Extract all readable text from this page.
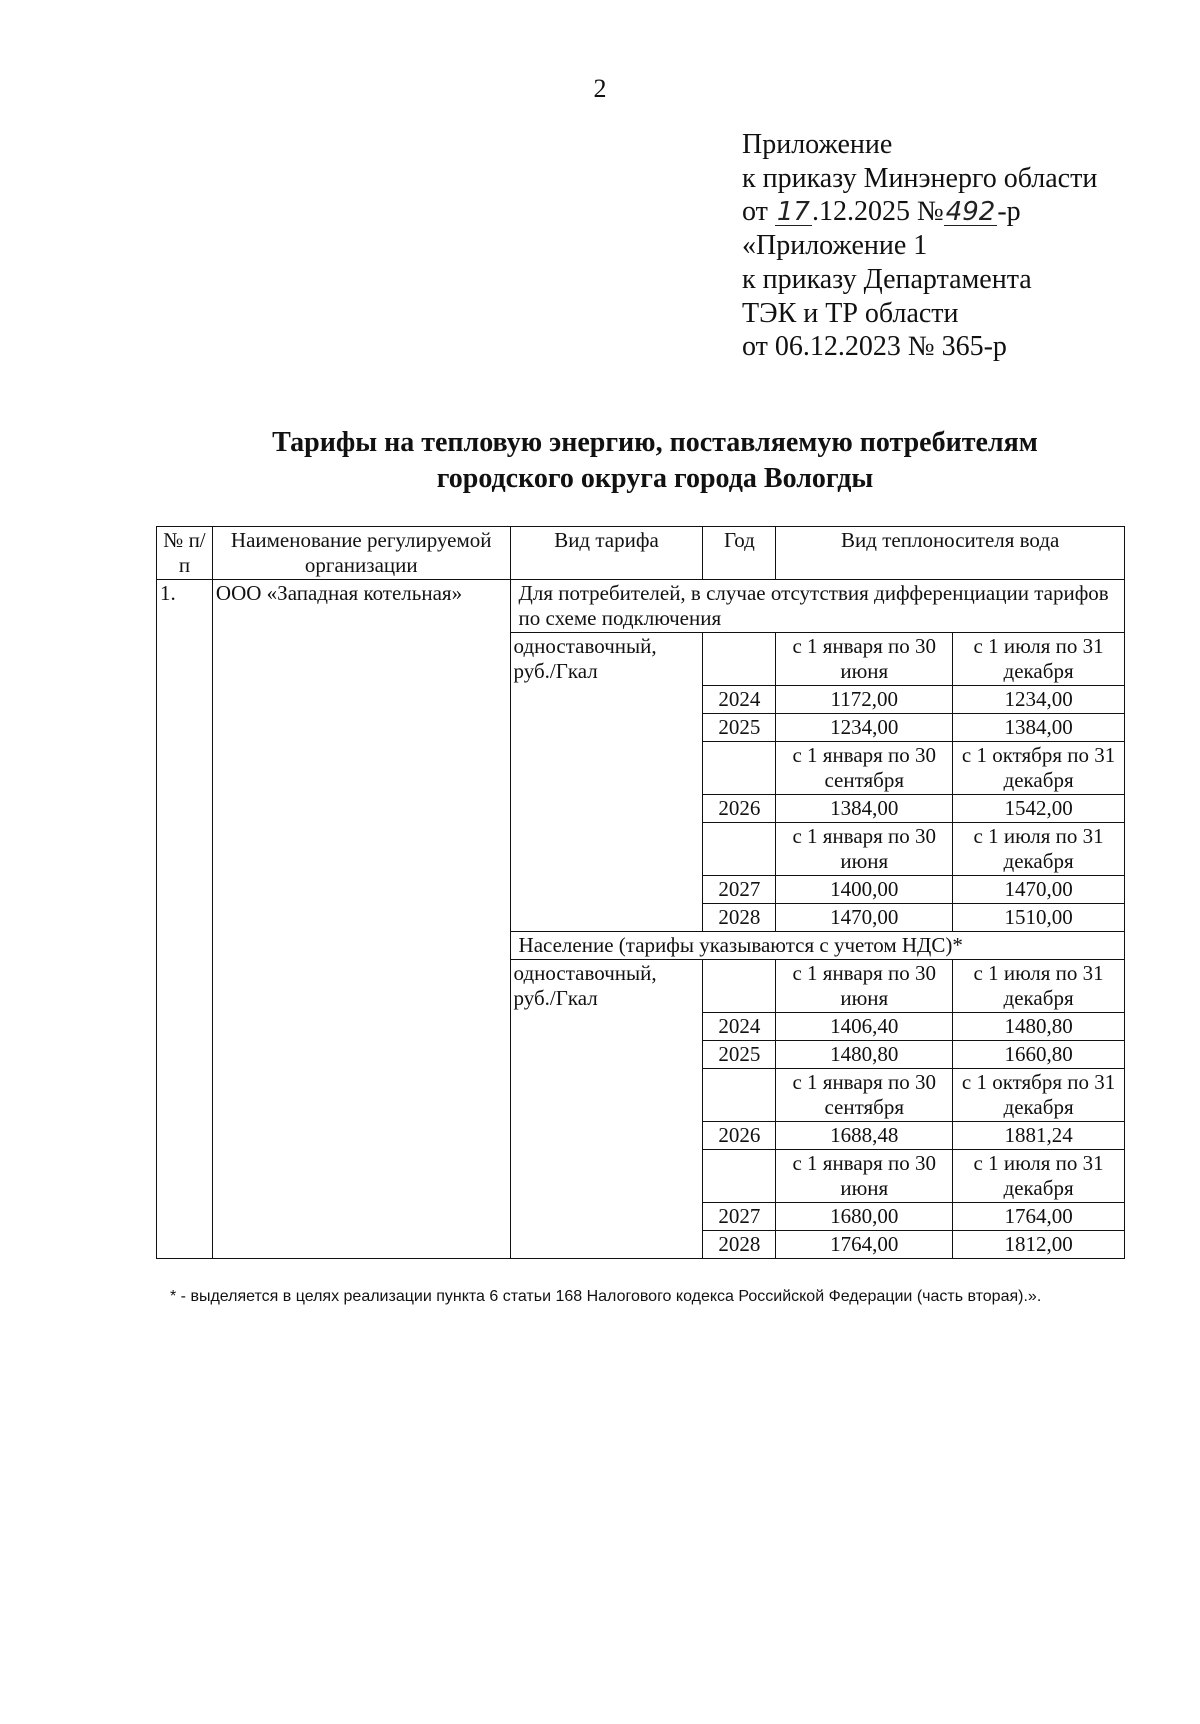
2
Приложение
к приказу Минэнерго области
от 17.12.2025 №492-р
«Приложение 1
к приказу Департамента
ТЭК и ТР области
от 06.12.2023 № 365-р
Тарифы на тепловую энергию, поставляемую потребителям
городского округа города Вологды
№ п/п	Наименование регулируемой организации	Вид тарифа	Год	Вид теплоносителя вода	
1.	ООО «Западная котельная»	Для потребителей, в случае отсутствия дифференциации тарифов по схеме подключения			
		одноставочный, руб./Гкал		с 1 января по 30 июня	с 1 июля по 31 декабря
			2024	1172,00	1234,00
			2025	1234,00	1384,00
				с 1 января по 30 сентября	с 1 октября по 31 декабря
			2026	1384,00	1542,00
				с 1 января по 30 июня	с 1 июля по 31 декабря
			2027	1400,00	1470,00
			2028	1470,00	1510,00
		Население (тарифы указываются с учетом НДС)*			
		одноставочный, руб./Гкал		с 1 января по 30 июня	с 1 июля по 31 декабря
			2024	1406,40	1480,80
			2025	1480,80	1660,80
				с 1 января по 30 сентября	с 1 октября по 31 декабря
			2026	1688,48	1881,24
				с 1 января по 30 июня	с 1 июля по 31 декабря
			2027	1680,00	1764,00
			2028	1764,00	1812,00
* - выделяется в целях реализации пункта 6 статьи 168 Налогового кодекса Российской Федерации (часть вторая).».
